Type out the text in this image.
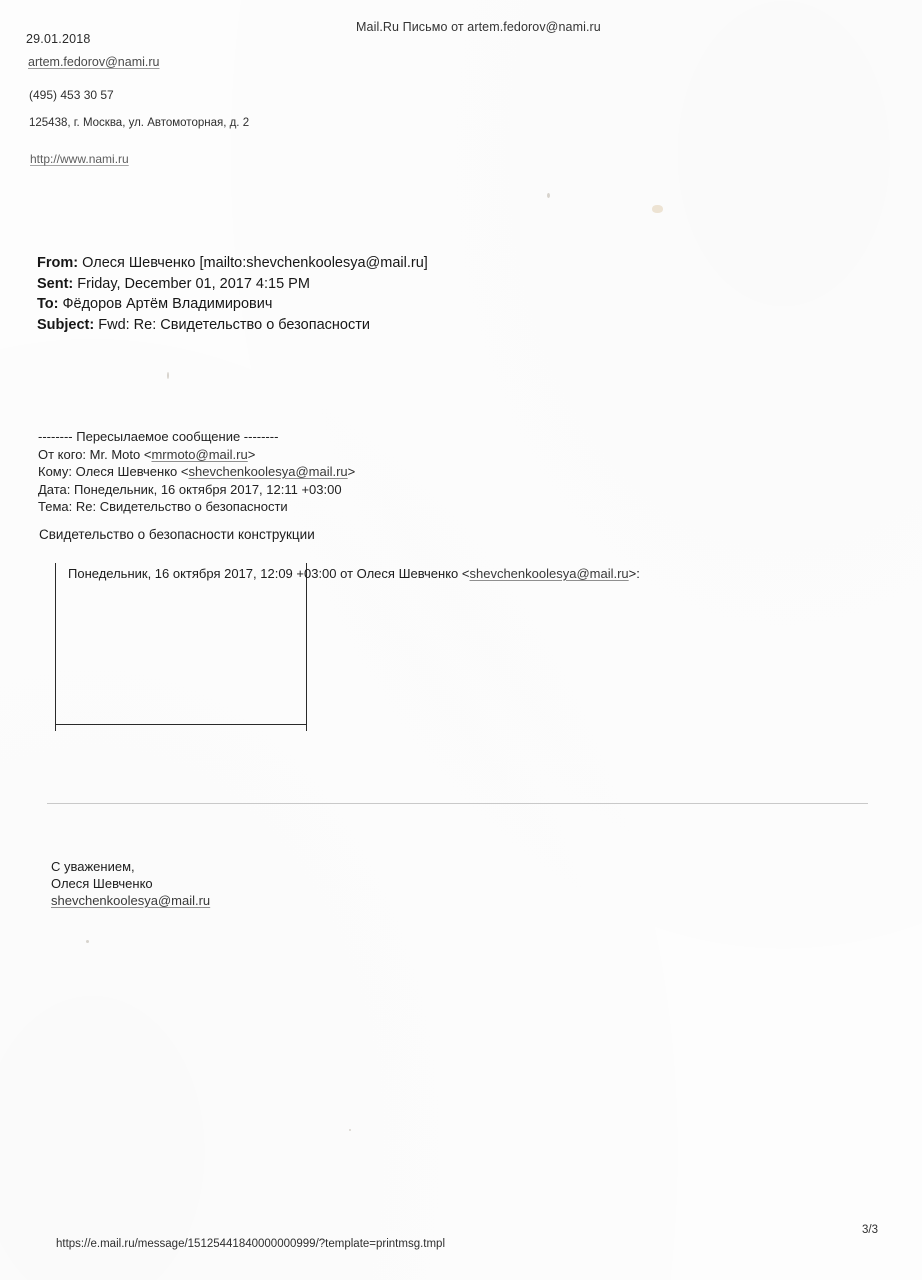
29.01.2018
Mail.Ru Письмо от artem.fedorov@nami.ru
artem.fedorov@nami.ru
(495) 453 30 57
125438, г. Москва, ул. Автомоторная, д. 2
http://www.nami.ru
From: Олеся Шевченко [mailto:shevchenkoolesya@mail.ru]
Sent: Friday, December 01, 2017 4:15 PM
To: Фёдоров Артём Владимирович
Subject: Fwd: Re: Свидетельство о безопасности
-------- Пересылаемое сообщение --------
От кого: Mr. Moto <mrmoto@mail.ru>
Кому: Олеся Шевченко <shevchenkoolesya@mail.ru>
Дата: Понедельник, 16 октября 2017, 12:11 +03:00
Тема: Re: Свидетельство о безопасности
Свидетельство о безопасности конструкции
Понедельник, 16 октября 2017, 12:09 +03:00 от Олеся Шевченко <shevchenkoolesya@mail.ru>:
С уважением,
Олеся Шевченко
shevchenkoolesya@mail.ru
https://e.mail.ru/message/15125441840000000999/?template=printmsg.tmpl
3/3
